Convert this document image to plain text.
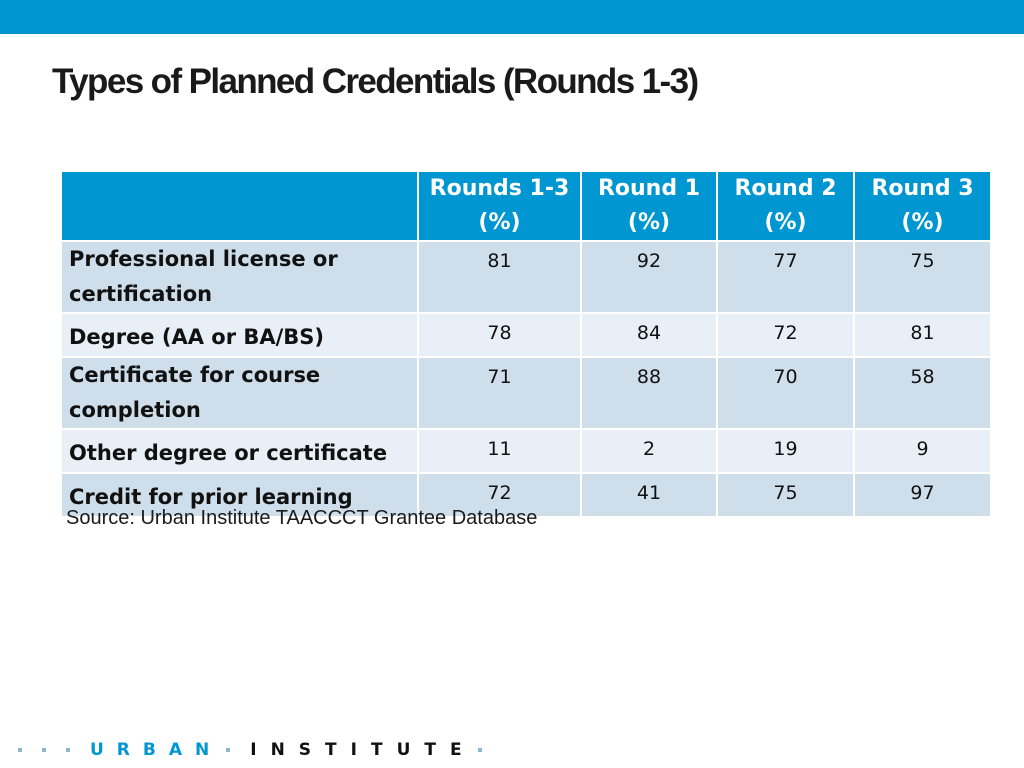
Types of Planned Credentials (Rounds 1-3)
	Rounds 1-3 (%)	Round 1 (%)	Round 2 (%)	Round 3 (%)
Professional license or certification	81	92	77	75
Degree (AA or BA/BS)	78	84	72	81
Certificate for course completion	71	88	70	58
Other degree or certificate	11	2	19	9
Credit for prior learning	72	41	75	97
Source: Urban Institute TAACCCT Grantee Database
URBAN INSTITUTE
